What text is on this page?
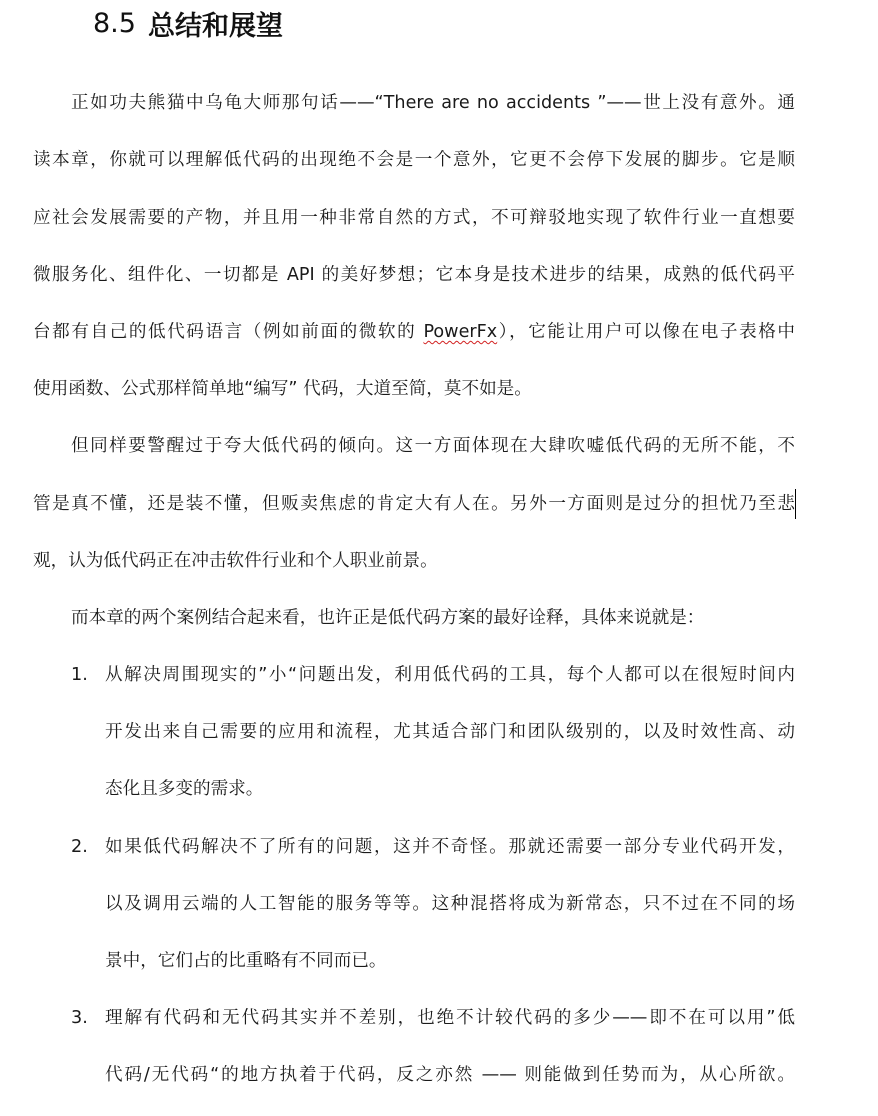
8.5 总结和展望
正如功夫熊猫中乌龟大师那句话——“There are no accidents ”——世上没有意外。通
读本章，你就可以理解低代码的出现绝不会是一个意外，它更不会停下发展的脚步。它是顺
应社会发展需要的产物，并且用一种非常自然的方式，不可辩驳地实现了软件行业一直想要
微服务化、组件化、一切都是 API 的美好梦想；它本身是技术进步的结果，成熟的低代码平
台都有自己的低代码语言（例如前面的微软的 PowerFx），它能让用户可以像在电子表格中
使用函数、公式那样简单地“编写” 代码，大道至简，莫不如是。
但同样要警醒过于夸大低代码的倾向。这一方面体现在大肆吹嘘低代码的无所不能，不
管是真不懂，还是装不懂，但贩卖焦虑的肯定大有人在。另外一方面则是过分的担忧乃至悲
观，认为低代码正在冲击软件行业和个人职业前景。
而本章的两个案例结合起来看，也许正是低代码方案的最好诠释，具体来说就是：
1. 从解决周围现实的”小“问题出发，利用低代码的工具，每个人都可以在很短时间内
开发出来自己需要的应用和流程，尤其适合部门和团队级别的，以及时效性高、动
态化且多变的需求。
2. 如果低代码解决不了所有的问题，这并不奇怪。那就还需要一部分专业代码开发，
以及调用云端的人工智能的服务等等。这种混搭将成为新常态，只不过在不同的场
景中，它们占的比重略有不同而已。
3. 理解有代码和无代码其实并不差别，也绝不计较代码的多少——即不在可以用”低
代码/无代码“的地方执着于代码，反之亦然 —— 则能做到任势而为，从心所欲。
